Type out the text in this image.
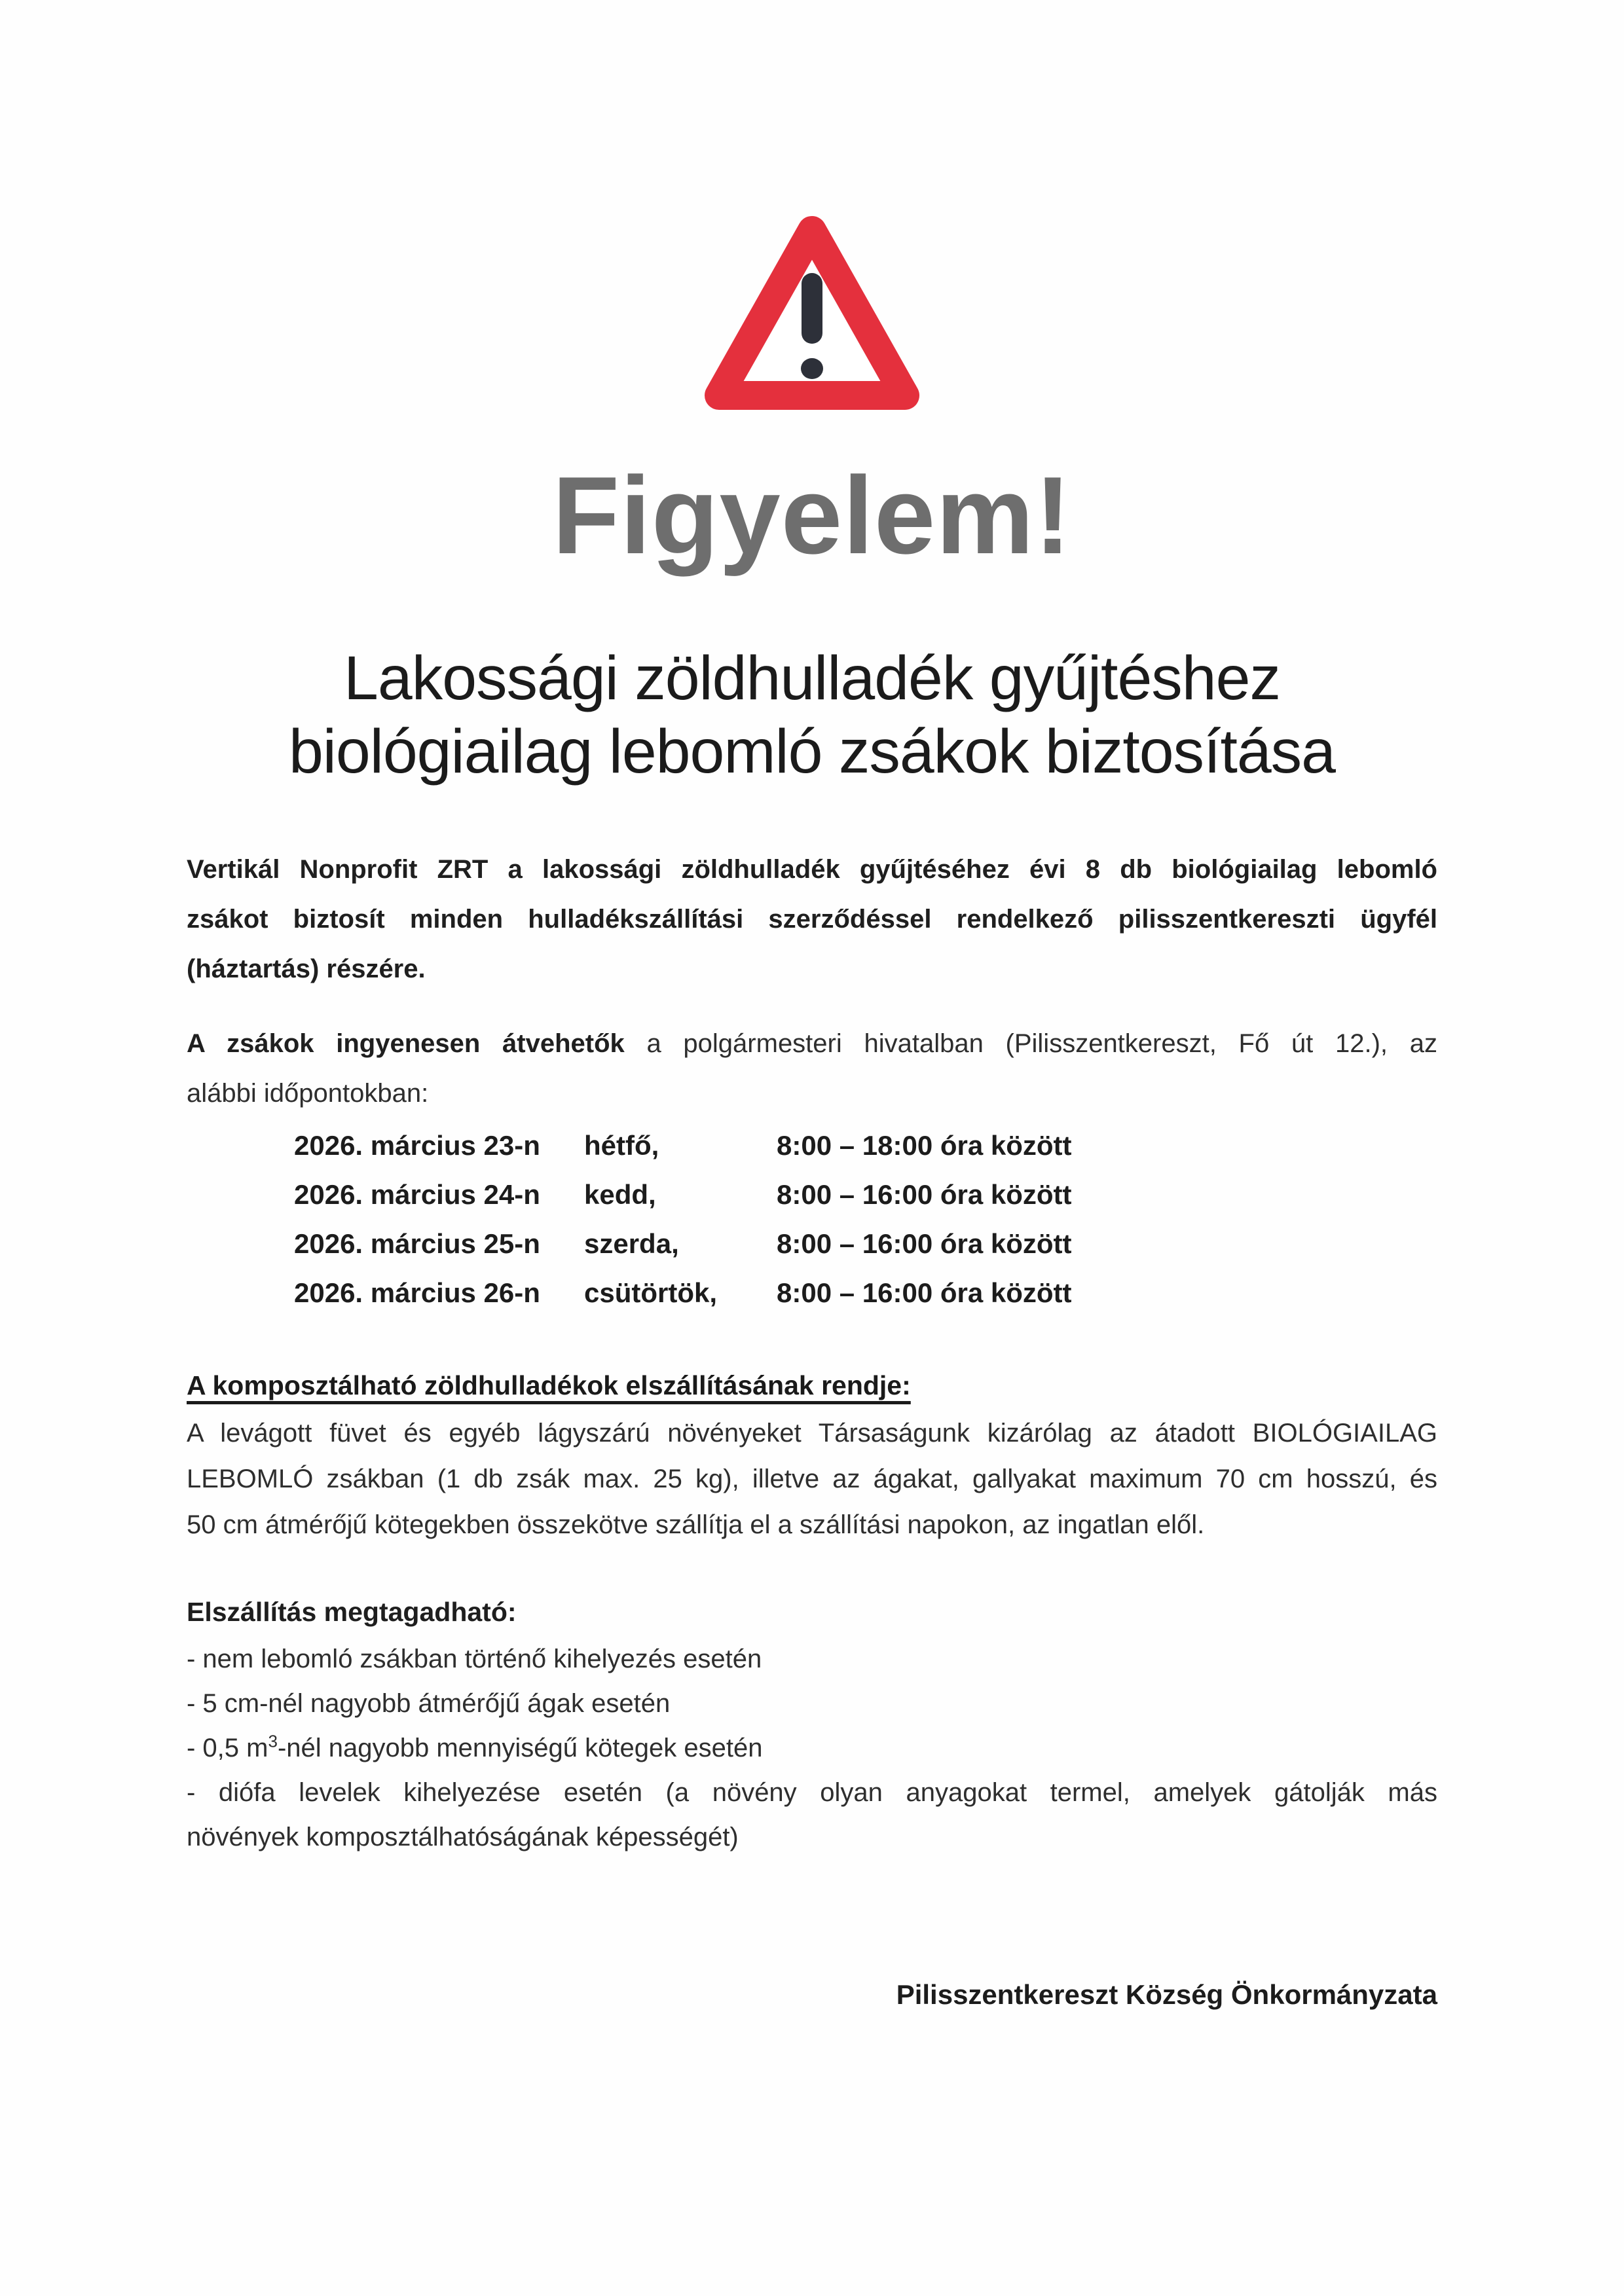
Figyelem!
Lakossági zöldhulladék gyűjtéshez
biológiailag lebomló zsákok biztosítása
Vertikál Nonprofit ZRT a lakossági zöldhulladék gyűjtéséhez évi 8 db biológiailag lebomló
zsákot biztosít minden hulladékszállítási szerződéssel rendelkező pilisszentkereszti ügyfél
(háztartás) részére.
A zsákok ingyenesen átvehetők a polgármesteri hivatalban (Pilisszentkereszt, Fő út 12.), az
alábbi időpontokban:
2026. március 23-n	hétfő,	8:00 – 18:00 óra között
2026. március 24-n	kedd,	8:00 – 16:00 óra között
2026. március 25-n	szerda,	8:00 – 16:00 óra között
2026. március 26-n	csütörtök,	8:00 – 16:00 óra között
A komposztálható zöldhulladékok elszállításának rendje:
A levágott füvet és egyéb lágyszárú növényeket Társaságunk kizárólag az átadott BIOLÓGIAILAG
LEBOMLÓ zsákban (1 db zsák max. 25 kg), illetve az ágakat, gallyakat maximum 70 cm hosszú, és
50 cm átmérőjű kötegekben összekötve szállítja el a szállítási napokon, az ingatlan elől.
Elszállítás megtagadható:
- nem lebomló zsákban történő kihelyezés esetén
- 5 cm-nél nagyobb átmérőjű ágak esetén
- 0,5 $m^3$-nél nagyobb mennyiségű kötegek esetén
- diófa levelek kihelyezése esetén (a növény olyan anyagokat termel, amelyek gátolják más
növények komposztálhatóságának képességét)
Pilisszentkereszt Község Önkormányzata
